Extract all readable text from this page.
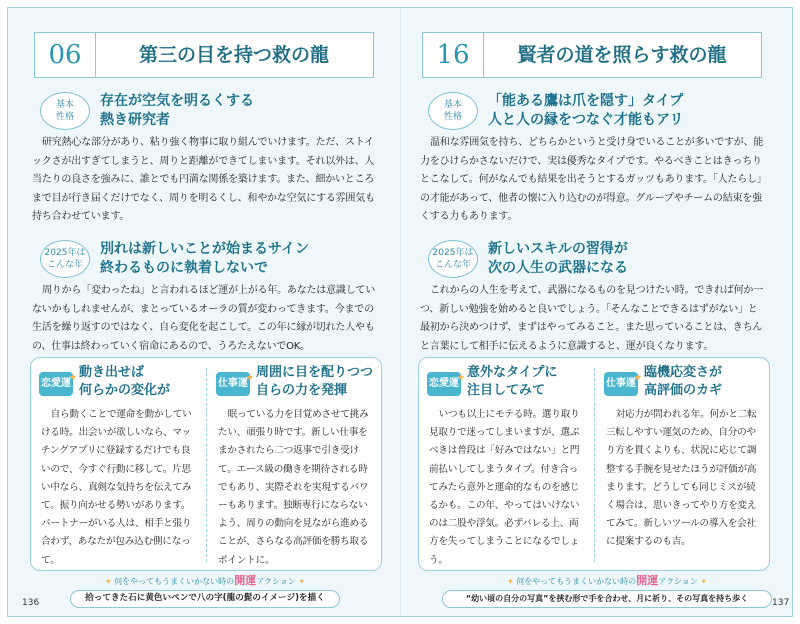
06	第三の目を持つ救の龍
基本
性格
存在が空気を明るくする
熱き研究者
研究熱心な部分があり、粘り強く物事に取り組んでいけます。ただ、ストイックさが出すぎてしまうと、周りと距離ができてしまいます。それ以外は、人当たりの良さを強みに、誰とでも円満な関係を築けます。また、細かいところまで目が行き届くだけでなく、周りを明るくし、和やかな空気にする雰囲気も持ち合わせています。
2025年は
こんな年
別れは新しいことが始まるサイン
終わるものに執着しないで
周りから「変わったね」と言われるほど運が上がる年。あなたは意識していないかもしれませんが、まとっているオーラの質が変わってきます。今までの生活を繰り返すのではなく、自ら変化を起こして。この年に縁が切れた人やもの、仕事は終わっていく宿命にあるので、うろたえないでOK。
恋愛運
★ 動き出せば
何らかの変化が
自ら動くことで運命を動かしていける時。出会いが欲しいなら、マッチングアプリに登録するだけでも良いので、今すぐ行動に移して。片思い中なら、真剣な気持ちを伝えてみて。振り向かせる勢いがあります。パートナーがいる人は、相手と張り合わず、あなたが包み込む側になって。
仕事運
★ 周囲に目を配りつつ
自らの力を発揮
眠っている力を目覚めさせて挑みたい、頑張り時です。新しい仕事をまかされたら二つ返事で引き受けて。エース級の働きを期待される時でもあり、実際それを実現するパワーもあります。独断専行にならないよう、周りの動向を見ながら進めることが、さらなる高評価を勝ち取るポイントに。
✦ 何をやってもうまくいかない時の開運アクション ✦
拾ってきた石に黄色いペンで八の字(龍の髭のイメージ)を描く
136
16	賢者の道を照らす救の龍
基本
性格
「能ある鷹は爪を隠す」タイプ
人と人の縁をつなぐ才能もアリ
温和な雰囲気を持ち、どちらかというと受け身でいることが多いですが、能力をひけらかさないだけで、実は優秀なタイプです。やるべきことはきっちりとこなして。何がなんでも結果を出そうとするガッツもあります。「人たらし」の才能があって、他者の懐に入り込むのが得意。グループやチームの結束を強くする力もあります。
2025年は
こんな年
新しいスキルの習得が
次の人生の武器になる
これからの人生を考えて、武器になるものを見つけたい時。できれば何か一つ、新しい勉強を始めると良いでしょう。「そんなことできるはずがない」と最初から決めつけず、まずはやってみること。また思っていることは、きちんと言葉にして相手に伝えるように意識すると、運が良くなります。
恋愛運
★ 意外なタイプに
注目してみて
いつも以上にモテる時。選り取り見取りで迷ってしまいますが、選ぶべきは普段は「好みではない」と門前払いしてしまうタイプ。付き合ってみたら意外と運命的なものを感じるかも。この年、やってはいけないのは二股や浮気。必ずバレる上、両方を失ってしまうことになるでしょう。
仕事運
★ 臨機応変さが
高評価のカギ
対応力が問われる年。何かと二転三転しやすい運気のため、自分のやり方を貫くよりも、状況に応じて調整する手腕を見せたほうが評価が高まります。どうしても同じミスが続く場合は、思いきってやり方を変えてみて。新しいツールの導入を会社に提案するのも吉。
✦ 何をやってもうまくいかない時の開運アクション ✦
“幼い頃の自分の写真”を挟む形で手を合わせ、月に祈り、その写真を持ち歩く	137
